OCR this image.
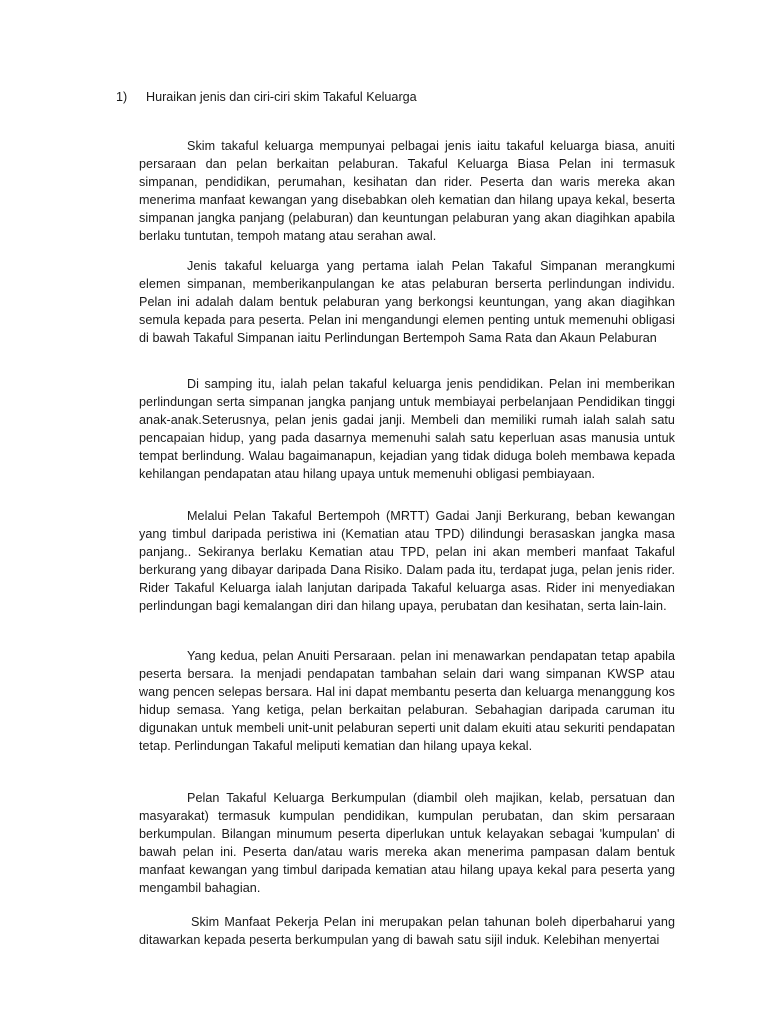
1)	Huraikan jenis dan ciri-ciri skim Takaful Keluarga

Skim takaful keluarga mempunyai pelbagai jenis iaitu takaful keluarga biasa, anuiti persaraan dan pelan berkaitan pelaburan. Takaful Keluarga Biasa Pelan ini termasuk simpanan, pendidikan, perumahan, kesihatan dan rider. Peserta dan waris mereka akan menerima manfaat kewangan yang disebabkan oleh kematian dan hilang upaya kekal, beserta simpanan jangka panjang (pelaburan) dan keuntungan pelaburan yang akan diagihkan apabila berlaku tuntutan, tempoh matang atau serahan awal.

Jenis takaful keluarga yang pertama ialah Pelan Takaful Simpanan merangkumi elemen simpanan, memberikanpulangan ke atas pelaburan berserta perlindungan individu. Pelan ini adalah dalam bentuk pelaburan yang berkongsi keuntungan, yang akan diagihkan semula kepada para peserta. Pelan ini mengandungi elemen penting untuk memenuhi obligasi di bawah Takaful Simpanan iaitu Perlindungan Bertempoh Sama Rata dan Akaun Pelaburan

Di samping itu, ialah pelan takaful keluarga jenis pendidikan. Pelan ini memberikan perlindungan serta simpanan jangka panjang untuk membiayai perbelanjaan Pendidikan tinggi anak-anak.Seterusnya, pelan jenis gadai janji. Membeli dan memiliki rumah ialah salah satu pencapaian hidup, yang pada dasarnya memenuhi salah satu keperluan asas manusia untuk tempat berlindung. Walau bagaimanapun, kejadian yang tidak diduga boleh membawa kepada kehilangan pendapatan atau hilang upaya untuk memenuhi obligasi pembiayaan.

Melalui Pelan Takaful Bertempoh (MRTT) Gadai Janji Berkurang, beban kewangan yang timbul daripada peristiwa ini (Kematian atau TPD) dilindungi berasaskan jangka masa panjang.. Sekiranya berlaku Kematian atau TPD, pelan ini akan memberi manfaat Takaful berkurang yang dibayar daripada Dana Risiko. Dalam pada itu, terdapat juga, pelan jenis rider. Rider Takaful Keluarga ialah lanjutan daripada Takaful keluarga asas. Rider ini menyediakan perlindungan bagi kemalangan diri dan hilang upaya, perubatan dan kesihatan, serta lain-lain.

Yang kedua, pelan Anuiti Persaraan. pelan ini menawarkan pendapatan tetap apabila peserta bersara. Ia menjadi pendapatan tambahan selain dari wang simpanan KWSP atau wang pencen selepas bersara. Hal ini dapat membantu peserta dan keluarga menanggung kos hidup semasa. Yang ketiga, pelan berkaitan pelaburan. Sebahagian daripada caruman itu digunakan untuk membeli unit-unit pelaburan seperti unit dalam ekuiti atau sekuriti pendapatan tetap. Perlindungan Takaful meliputi kematian dan hilang upaya kekal.

Pelan Takaful Keluarga Berkumpulan (diambil oleh majikan, kelab, persatuan dan masyarakat) termasuk kumpulan pendidikan, kumpulan perubatan, dan skim persaraan berkumpulan. Bilangan minumum peserta diperlukan untuk kelayakan sebagai 'kumpulan' di bawah pelan ini. Peserta dan/atau waris mereka akan menerima pampasan dalam bentuk manfaat kewangan yang timbul daripada kematian atau hilang upaya kekal para peserta yang mengambil bahagian.

Skim Manfaat Pekerja Pelan ini merupakan pelan tahunan boleh diperbaharui yang ditawarkan kepada peserta berkumpulan yang di bawah satu sijil induk. Kelebihan menyertai
